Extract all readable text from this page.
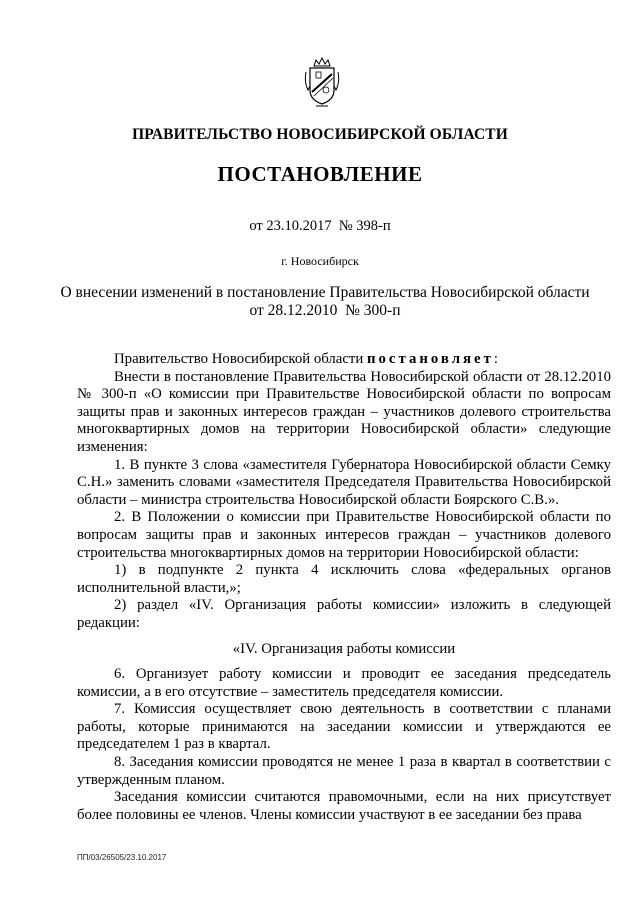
ПРАВИТЕЛЬСТВО НОВОСИБИРСКОЙ ОБЛАСТИ
ПОСТАНОВЛЕНИЕ
от 23.10.2017  № 398-п
г. Новосибирск
О внесении изменений в постановление Правительства Новосибирской области
от 28.12.2010  № 300-п

Правительство Новосибирской области постановляет:

Внести в постановление Правительства Новосибирской области от 28.12.2010 № 300-п «О комиссии при Правительстве Новосибирской области по вопросам защиты прав и законных интересов граждан – участников долевого строительства многоквартирных домов на территории Новосибирской области» следующие изменения:

1. В пункте 3 слова «заместителя Губернатора Новосибирской области Семку С.Н.» заменить словами «заместителя Председателя Правительства Новосибирской области – министра строительства Новосибирской области Боярского С.В.».

2. В Положении о комиссии при Правительстве Новосибирской области по вопросам защиты прав и законных интересов граждан – участников долевого строительства многоквартирных домов на территории Новосибирской области:

1) в подпункте 2 пункта 4 исключить слова «федеральных органов исполнительной власти,»;

2) раздел «IV. Организация работы комиссии» изложить в следующей редакции:

«IV. Организация работы комиссии

6. Организует работу комиссии и проводит ее заседания председатель комиссии, а в его отсутствие – заместитель председателя комиссии.

7. Комиссия осуществляет свою деятельность в соответствии с планами работы, которые принимаются на заседании комиссии и утверждаются ее председателем 1 раз в квартал.

8. Заседания комиссии проводятся не менее 1 раза в квартал в соответствии с утвержденным планом.

Заседания комиссии считаются правомочными, если на них присутствует более половины ее членов. Члены комиссии участвуют в ее заседании без права

ПП/03/26505/23.10.2017
